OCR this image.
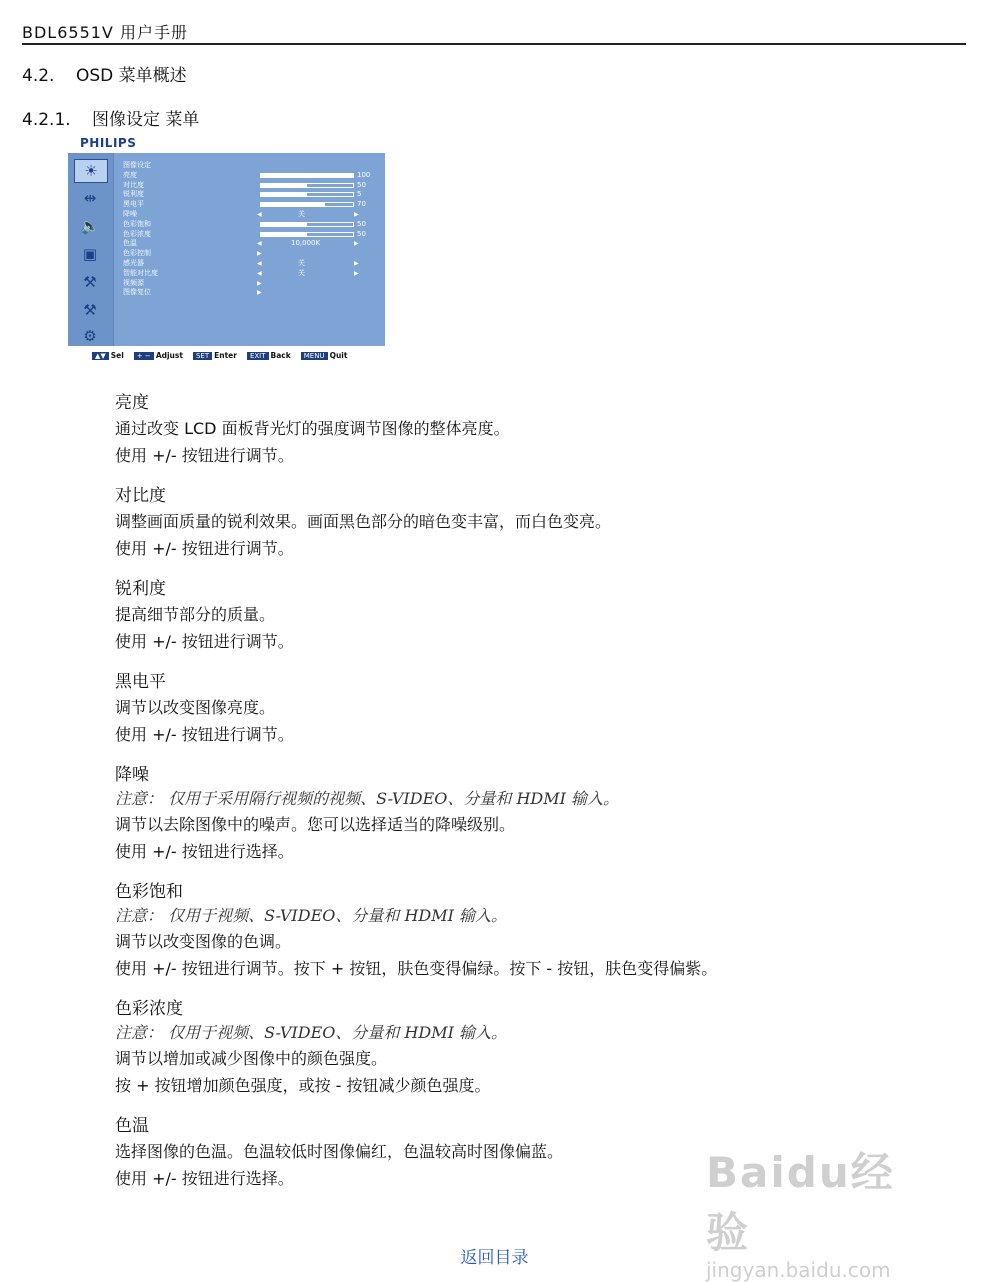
BDL6551V 用户手册
4.2. OSD 菜单概述
4.2.1. 图像设定 菜单
PHILIPS
☀
⇹
🔈
▣
⚒
⚒
⚙
图像设定
亮度	100
对比度	50
锐利度	5
黑电平	70
降噪	◀	关	▶
色彩饱和	50
色彩浓度	50
色温	◀	10,000K	▶
色彩控制	▶
感光器	◀	关	▶
智能对比度	◀	关	▶
视频源	▶
图像复位	▶
▲▼ Sel + − Adjust SET Enter EXIT Back MENU Quit
亮度
通过改变 LCD 面板背光灯的强度调节图像的整体亮度。
使用 +/- 按钮进行调节。
对比度
调整画面质量的锐利效果。画面黑色部分的暗色变丰富，而白色变亮。
使用 +/- 按钮进行调节。
锐利度
提高细节部分的质量。
使用 +/- 按钮进行调节。
黑电平
调节以改变图像亮度。
使用 +/- 按钮进行调节。
降噪
注意： 仅用于采用隔行视频的视频、S-VIDEO、分量和 HDMI 输入。
调节以去除图像中的噪声。您可以选择适当的降噪级别。
使用 +/- 按钮进行选择。
色彩饱和
注意： 仅用于视频、S-VIDEO、分量和 HDMI 输入。
调节以改变图像的色调。
使用 +/- 按钮进行调节。按下 + 按钮，肤色变得偏绿。按下 - 按钮，肤色变得偏紫。
色彩浓度
注意： 仅用于视频、S-VIDEO、分量和 HDMI 输入。
调节以增加或减少图像中的颜色强度。
按 + 按钮增加颜色强度，或按 - 按钮减少颜色强度。
色温
选择图像的色温。色温较低时图像偏红，色温较高时图像偏蓝。
使用 +/- 按钮进行选择。	Baidu经验
jingyan.baidu.com
返回目录
